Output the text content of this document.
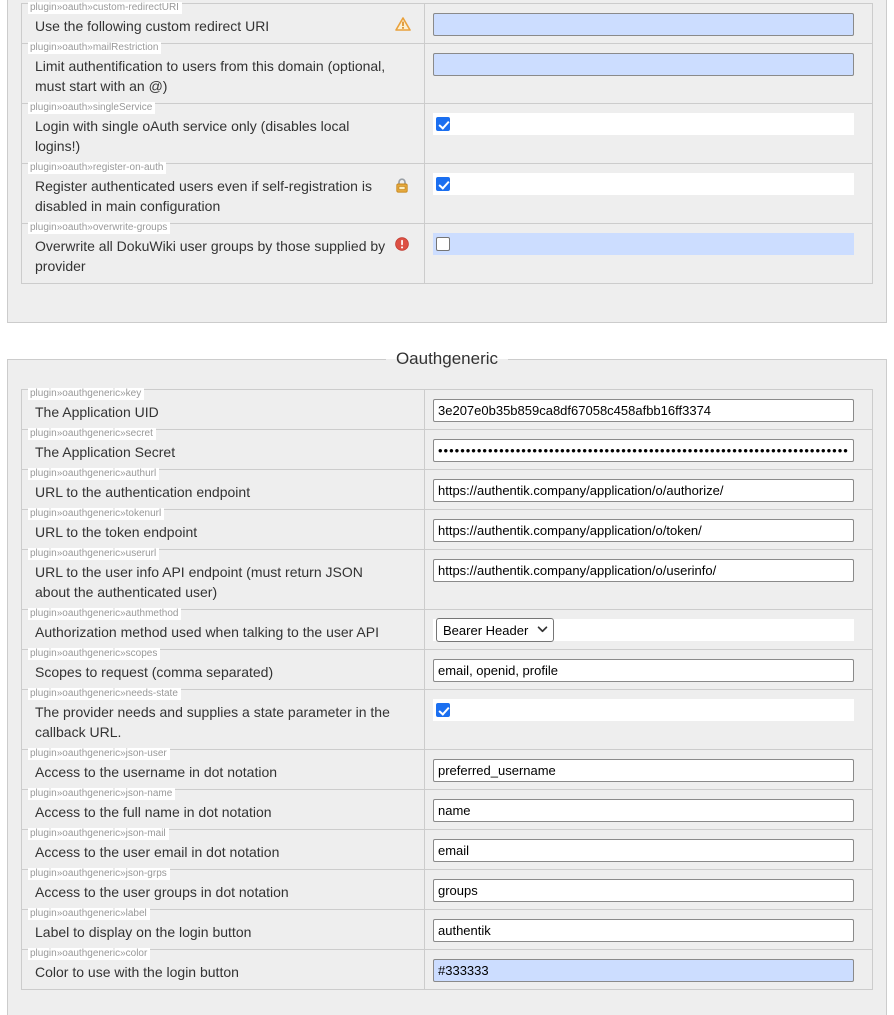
plugin»oauth»custom-redirectURI
Use the following custom redirect URI
plugin»oauth»mailRestriction
Limit authentification to users from this domain (optional, must start with an @)
plugin»oauth»singleService
Login with single oAuth service only (disables local logins!)
plugin»oauth»register-on-auth
Register authenticated users even if self-registration is disabled in main configuration
plugin»oauth»overwrite-groups
Overwrite all DokuWiki user groups by those supplied by provider
Oauthgeneric
plugin»oauthgeneric»key
The Application UID
3e207e0b35b859ca8df67058c458afbb16ff3374
plugin»oauthgeneric»secret
The Application Secret
••••••••••••••••••••••••••••••••••••••••••••••••••••••••••••••••••••••••••••••••••••••••••••••••••••••••••••••
plugin»oauthgeneric»authurl
URL to the authentication endpoint
https://authentik.company/application/o/authorize/
plugin»oauthgeneric»tokenurl
URL to the token endpoint
https://authentik.company/application/o/token/
plugin»oauthgeneric»userurl
URL to the user info API endpoint (must return JSON about the authenticated user)
https://authentik.company/application/o/userinfo/
plugin»oauthgeneric»authmethod
Authorization method used when talking to the user API
Bearer Header
plugin»oauthgeneric»scopes
Scopes to request (comma separated)
email, openid, profile
plugin»oauthgeneric»needs-state
The provider needs and supplies a state parameter in the callback URL.
plugin»oauthgeneric»json-user
Access to the username in dot notation
preferred_username
plugin»oauthgeneric»json-name
Access to the full name in dot notation
name
plugin»oauthgeneric»json-mail
Access to the user email in dot notation
email
plugin»oauthgeneric»json-grps
Access to the user groups in dot notation
groups
plugin»oauthgeneric»label
Label to display on the login button
authentik
plugin»oauthgeneric»color
Color to use with the login button
#333333
